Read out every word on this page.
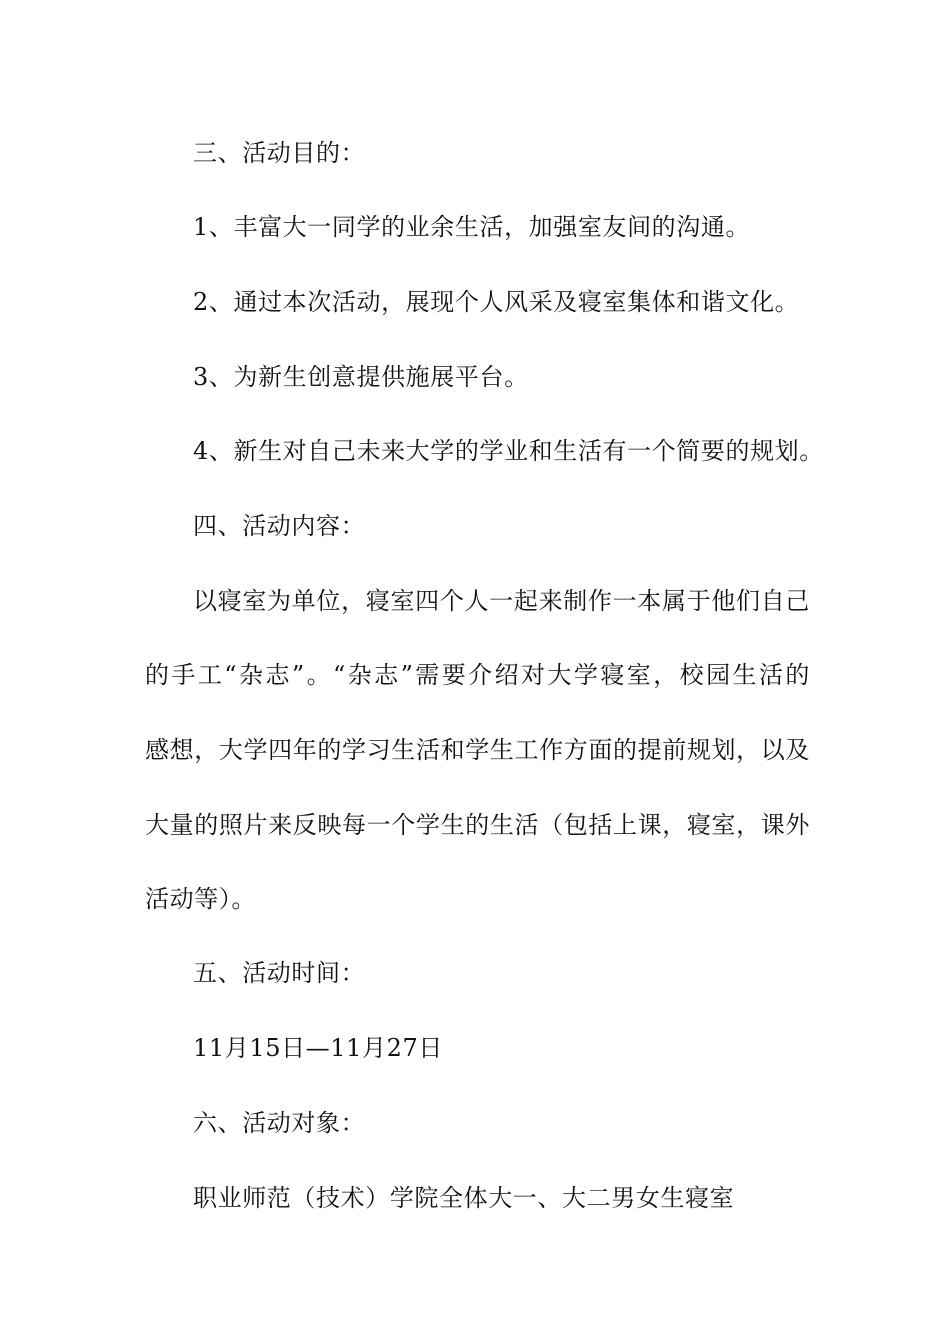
三、活动目的：
1、丰富大一同学的业余生活，加强室友间的沟通。
2、通过本次活动，展现个人风采及寝室集体和谐文化。
3、为新生创意提供施展平台。
4、新生对自己未来大学的学业和生活有一个简要的规划。
四、活动内容：
以寝室为单位，寝室四个人一起来制作一本属于他们自己
的手工“杂志”。“杂志”需要介绍对大学寝室，校园生活的
感想，大学四年的学习生活和学生工作方面的提前规划，以及
大量的照片来反映每一个学生的生活（包括上课，寝室，课外
活动等）。
五、活动时间：
11月15日—11月27日
六、活动对象：
职业师范（技术）学院全体大一、大二男女生寝室
